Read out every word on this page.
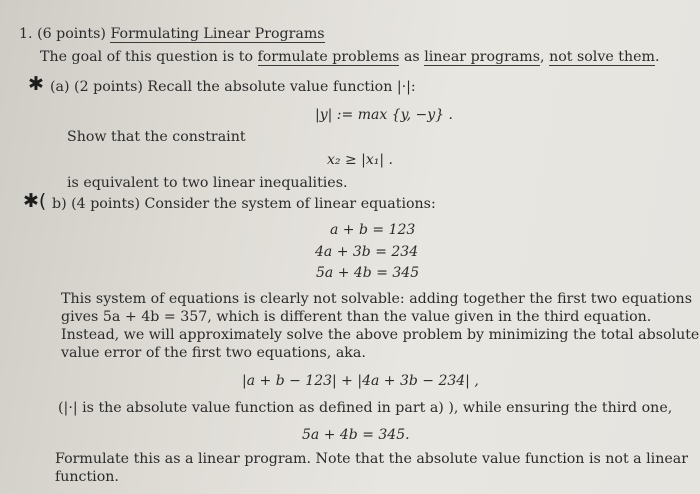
1. (6 points) Formulating Linear Programs
The goal of this question is to formulate problems as linear programs, not solve them.
✱ (a) (2 points) Recall the absolute value function |·|:
|y| := max {y, −y} .
Show that the constraint
x₂ ≥ |x₁| .
is equivalent to two linear inequalities.
✱( b) (4 points) Consider the system of linear equations:
a + b = 123
4a + 3b = 234
5a + 4b = 345
This system of equations is clearly not solvable: adding together the first two equations
gives 5a + 4b = 357, which is different than the value given in the third equation.
Instead, we will approximately solve the above problem by minimizing the total absolute
value error of the first two equations, aka.
|a + b − 123| + |4a + 3b − 234| ,
(|·| is the absolute value function as defined in part a) ), while ensuring the third one,
5a + 4b = 345.
Formulate this as a linear program. Note that the absolute value function is not a linear
function.
